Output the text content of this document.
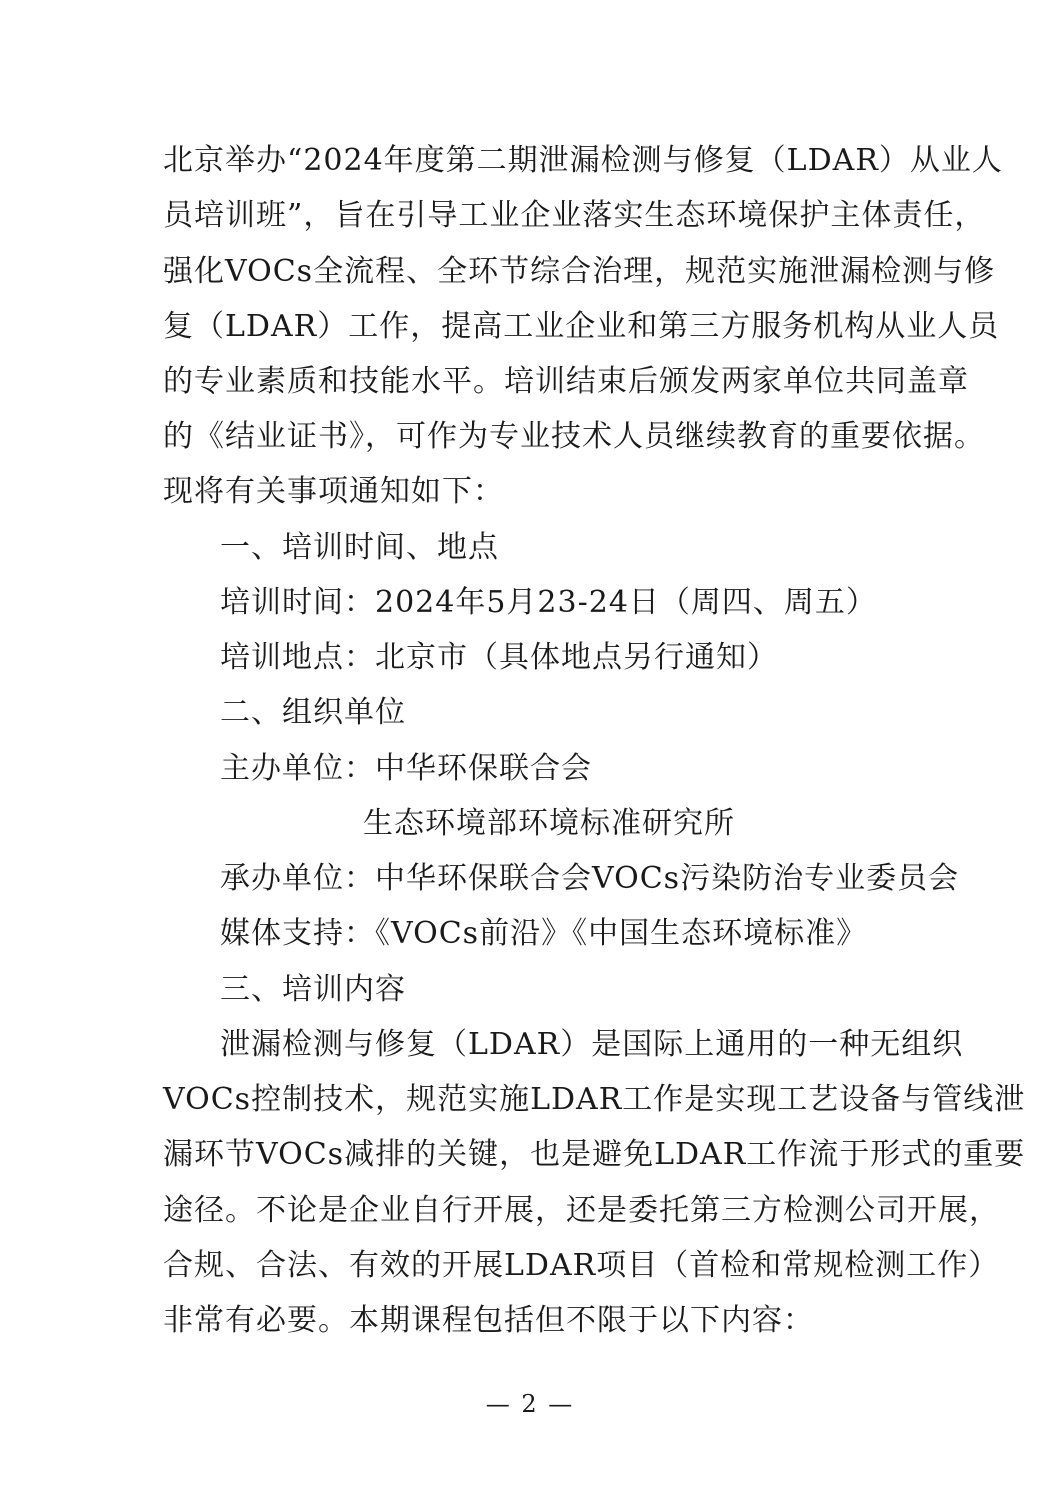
北京举办“2024年度第二期泄漏检测与修复（LDAR）从业人
员培训班”，旨在引导工业企业落实生态环境保护主体责任，
强化VOCs全流程、全环节综合治理，规范实施泄漏检测与修
复（LDAR）工作，提高工业企业和第三方服务机构从业人员
的专业素质和技能水平。培训结束后颁发两家单位共同盖章
的《结业证书》，可作为专业技术人员继续教育的重要依据。
现将有关事项通知如下：
一、培训时间、地点
培训时间：2024年5月23-24日（周四、周五）
培训地点：北京市（具体地点另行通知）
二、组织单位
主办单位：中华环保联合会
生态环境部环境标准研究所
承办单位：中华环保联合会VOCs污染防治专业委员会
媒体支持：《VOCs前沿》《中国生态环境标准》
三、培训内容
泄漏检测与修复（LDAR）是国际上通用的一种无组织
VOCs控制技术，规范实施LDAR工作是实现工艺设备与管线泄
漏环节VOCs减排的关键，也是避免LDAR工作流于形式的重要
途径。不论是企业自行开展，还是委托第三方检测公司开展，
合规、合法、有效的开展LDAR项目（首检和常规检测工作）
非常有必要。本期课程包括但不限于以下内容：
— 2 —
